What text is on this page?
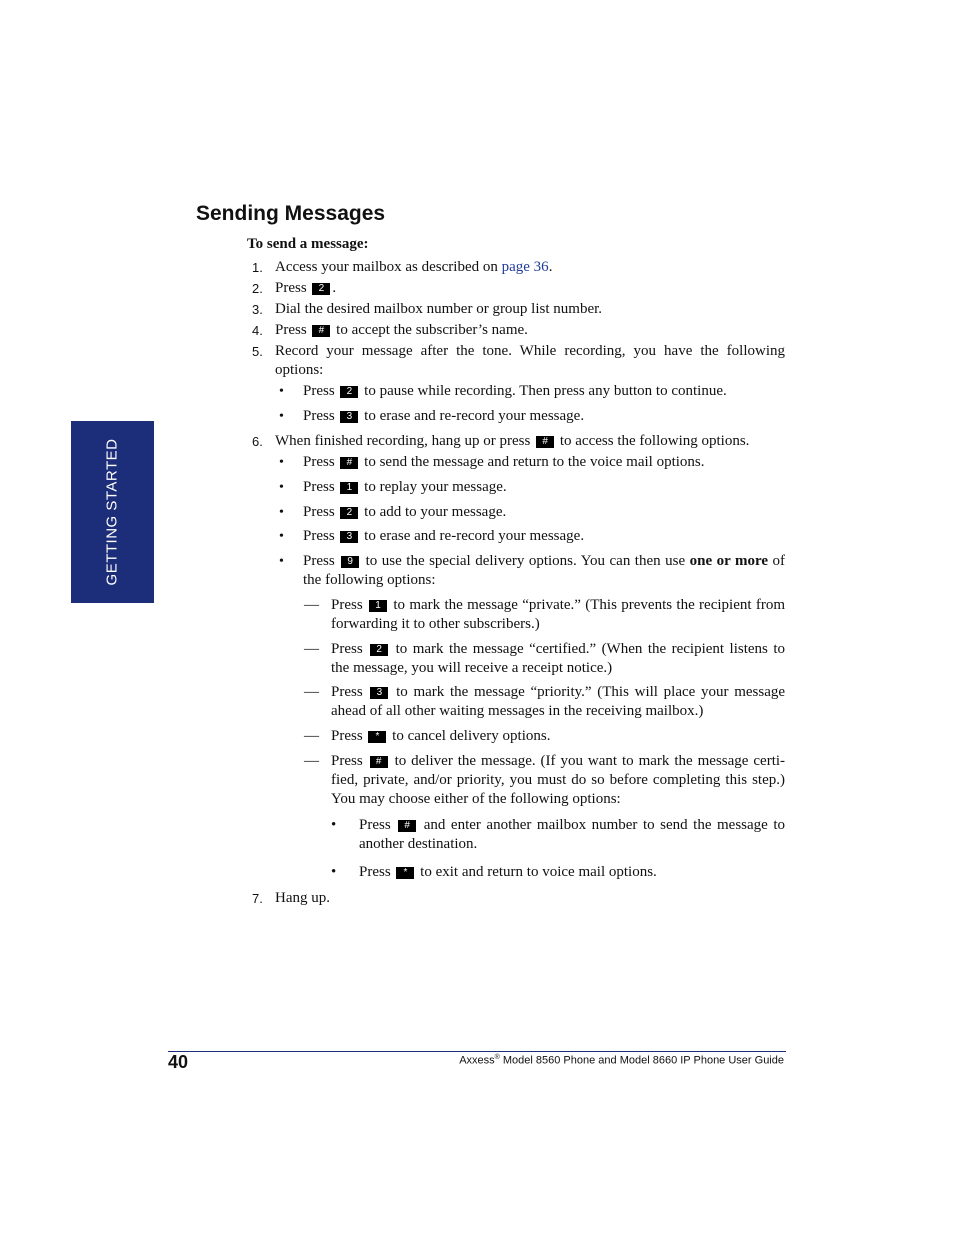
GETTING STARTED
Sending Messages
To send a message:
1. Access your mailbox as described on page 36.
2. Press 2 .
3. Dial the desired mailbox number or group list number.
4. Press # to accept the subscriber’s name.
5. Record your message after the tone. While recording, you have the following options:
• Press 2 to pause while recording. Then press any button to continue.
• Press 3 to erase and re-record your message.
6. When finished recording, hang up or press # to access the following options.
• Press # to send the message and return to the voice mail options.
• Press 1 to replay your message.
• Press 2 to add to your message.
• Press 3 to erase and re-record your message.
• Press 9 to use the special delivery options. You can then use one or more of the following options:
— Press 1 to mark the message “private.” (This prevents the recipient from forwarding it to other subscribers.)
— Press 2 to mark the message “certified.” (When the recipient listens to the message, you will receive a receipt notice.)
— Press 3 to mark the message “priority.” (This will place your message ahead of all other waiting messages in the receiving mailbox.)
— Press * to cancel delivery options.
— Press # to deliver the message. (If you want to mark the message certi-fied, private, and/or priority, you must do so before completing this step.) You may choose either of the following options:
• Press # and enter another mailbox number to send the message to another destination.
• Press * to exit and return to voice mail options.
7. Hang up.
40	Axxess® Model 8560 Phone and Model 8660 IP Phone User Guide
